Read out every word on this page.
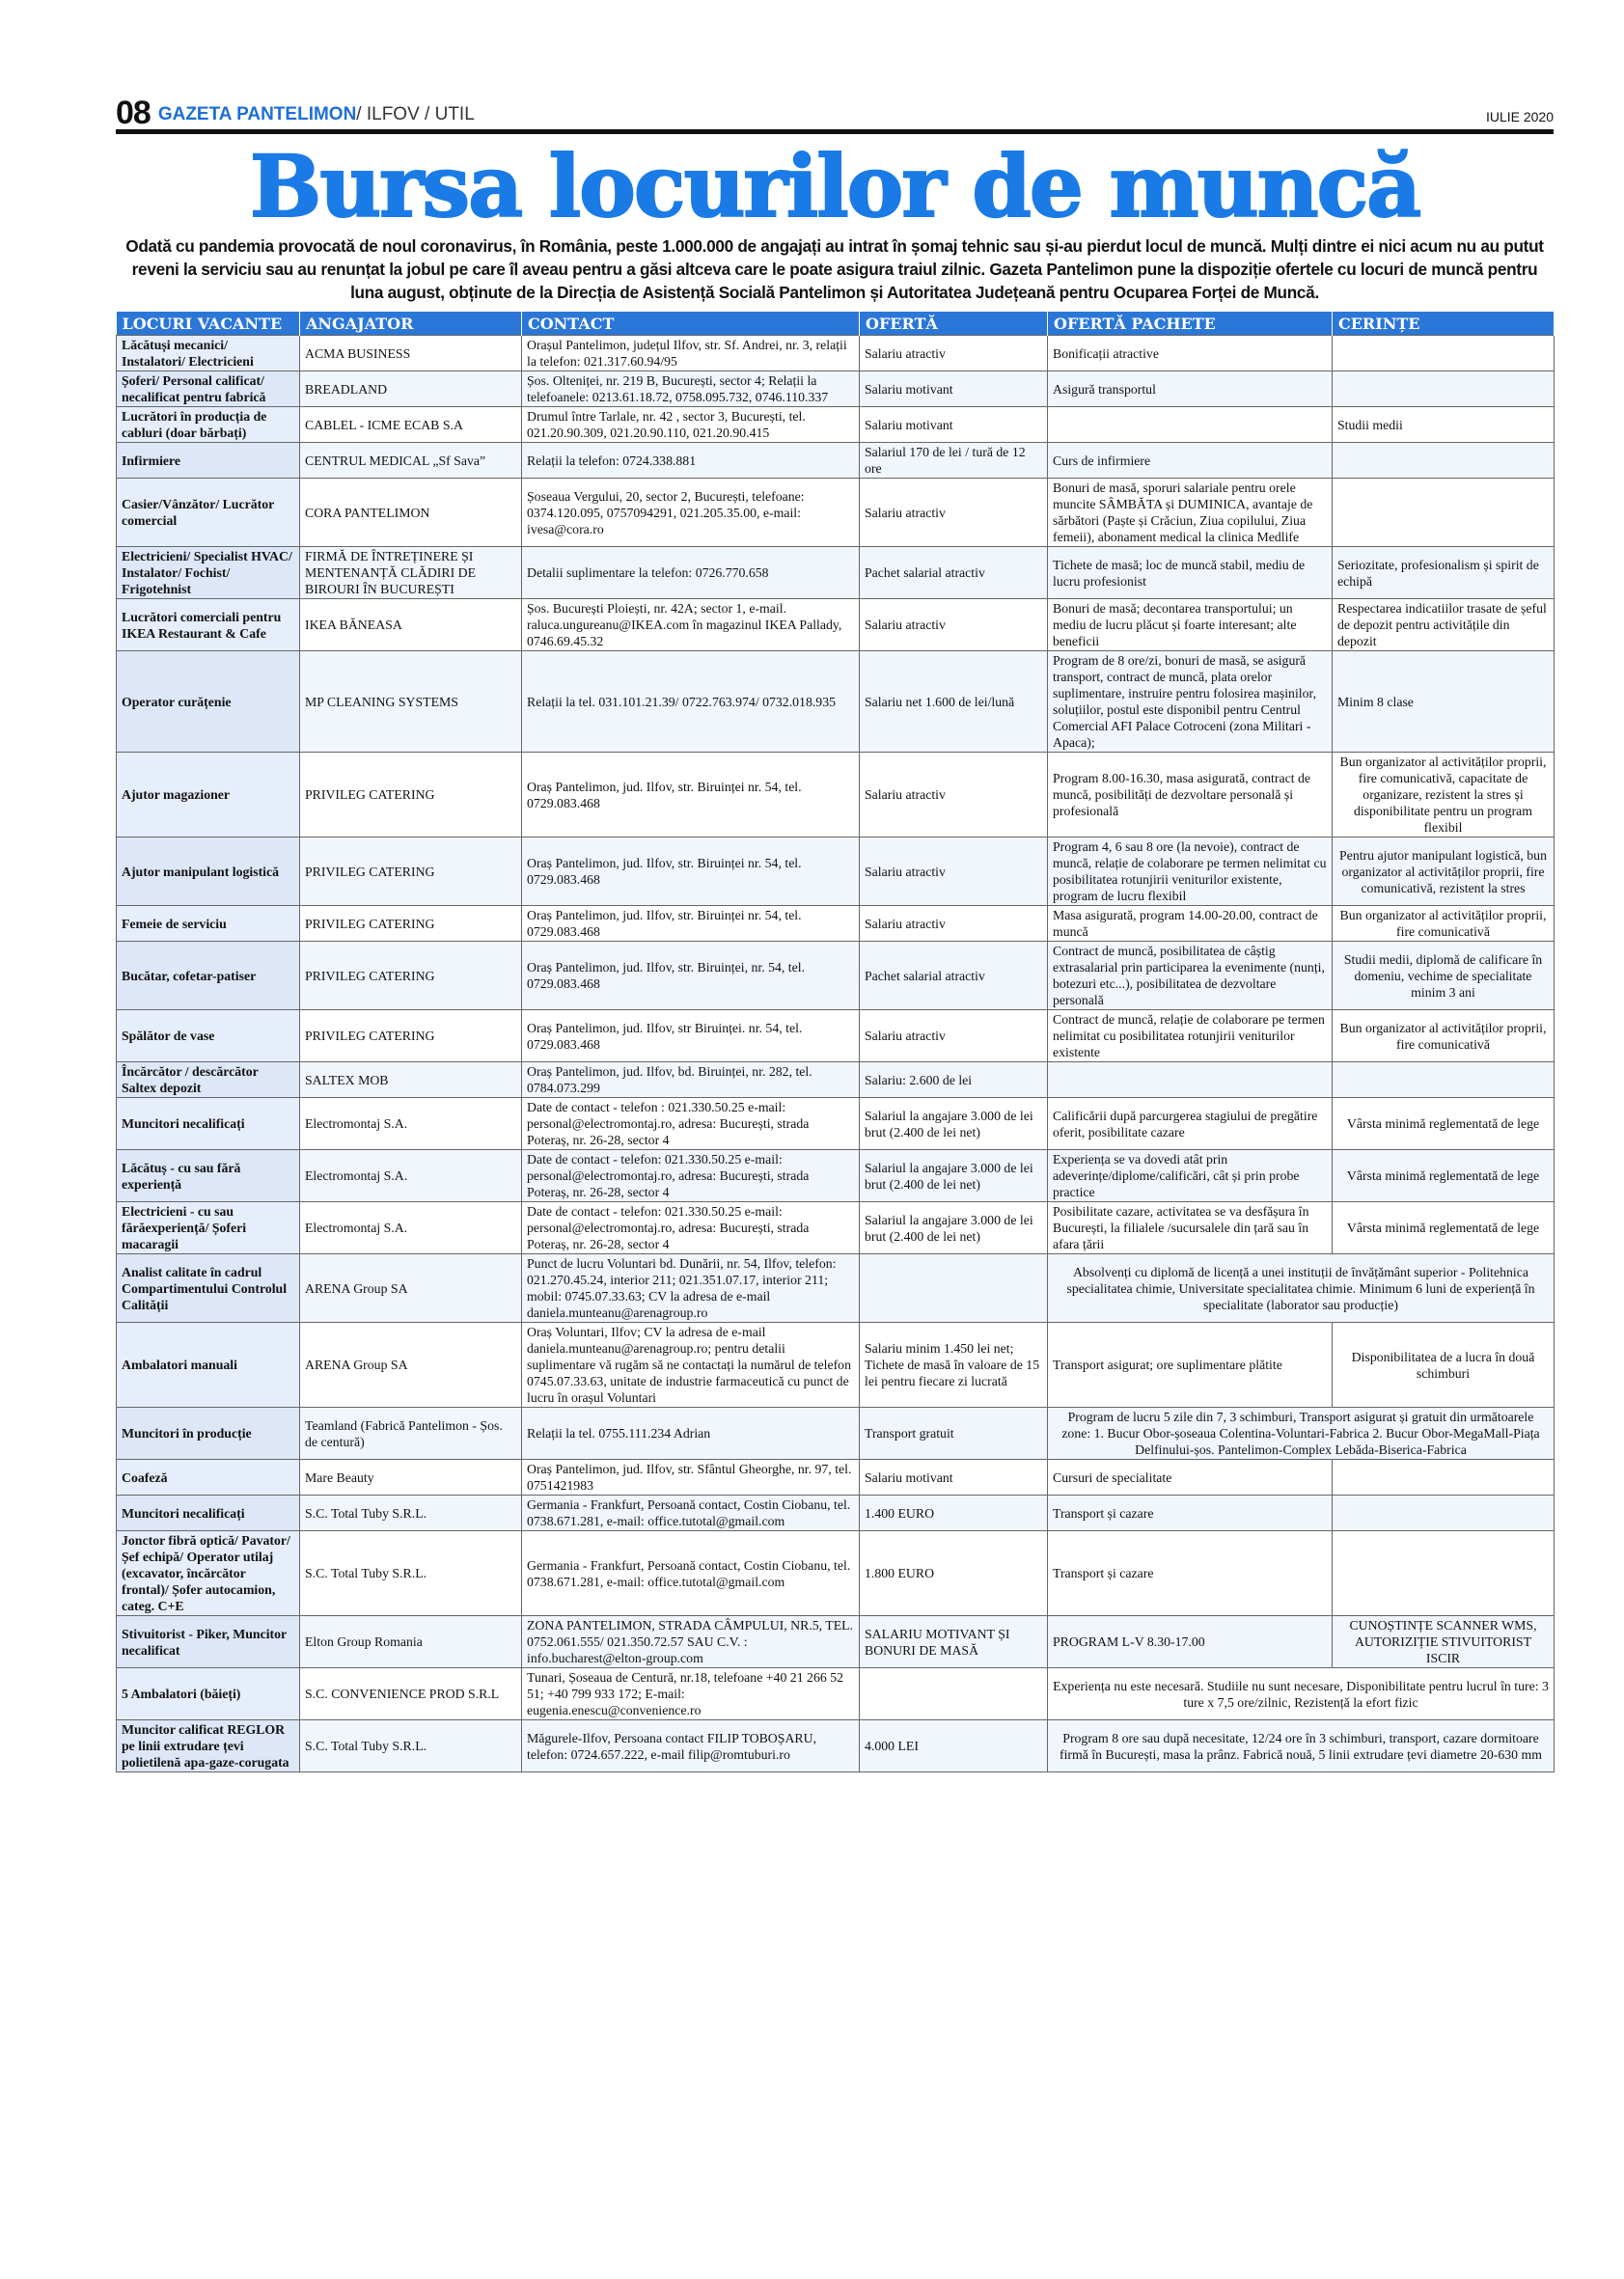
08 GAZETA PANTELIMON / ILFOV / UTIL	IULIE 2020
Bursa locurilor de muncă
Odată cu pandemia provocată de noul coronavirus, în România, peste 1.000.000 de angajați au intrat în șomaj tehnic sau și-au pierdut locul de muncă. Mulți dintre ei nici acum nu au putut reveni la serviciu sau au renunțat la jobul pe care îl aveau pentru a găsi altceva care le poate asigura traiul zilnic. Gazeta Pantelimon pune la dispoziție ofertele cu locuri de muncă pentru luna august, obținute de la Direcția de Asistență Socială Pantelimon și Autoritatea Județeană pentru Ocuparea Forței de Muncă.
LOCURI VACANTE	ANGAJATOR	CONTACT	OFERTĂ	OFERTĂ PACHETE	CERINȚE
Lăcătuși mecanici/ Instalatori/ Electricieni	ACMA BUSINESS	Orașul Pantelimon, județul Ilfov, str. Sf. Andrei, nr. 3, relații la telefon: 021.317.60.94/95	Salariu atractiv	Bonificații atractive	
Șoferi/ Personal calificat/ necalificat pentru fabrică	BREADLAND	Șos. Olteniței, nr. 219 B, București, sector 4; Relații la telefoanele: 0213.61.18.72, 0758.095.732, 0746.110.337	Salariu motivant	Asigură transportul	
Lucrători în producția de cabluri (doar bărbați)	CABLEL - ICME ECAB S.A	Drumul între Tarlale, nr. 42 , sector 3, București, tel. 021.20.90.309, 021.20.90.110, 021.20.90.415	Salariu motivant		Studii medii
Infirmiere	CENTRUL MEDICAL „Sf Sava”	Relații la telefon: 0724.338.881	Salariul 170 de lei / tură de 12 ore	Curs de infirmiere	
Casier/Vânzător/ Lucrător comercial	CORA PANTELIMON	Șoseaua Vergului, 20, sector 2, București, telefoane: 0374.120.095, 0757094291, 021.205.35.00, e-mail: ivesa@cora.ro	Salariu atractiv	Bonuri de masă, sporuri salariale pentru orele muncite SÂMBĂTA și DUMINICA, avantaje de sărbători (Paște și Crăciun, Ziua copilului, Ziua femeii), abonament medical la clinica Medlife	
Electricieni/ Specialist HVAC/ Instalator/ Fochist/ Frigotehnist	FIRMĂ DE ÎNTREȚINERE ȘI MENTENANȚĂ CLĂDIRI DE BIROURI ÎN BUCUREȘTI	Detalii suplimentare la telefon: 0726.770.658	Pachet salarial atractiv	Tichete de masă; loc de muncă stabil, mediu de lucru profesionist	Seriozitate, profesionalism și spirit de echipă
Lucrători comerciali pentru IKEA Restaurant & Cafe	IKEA BĂNEASA	Șos. București Ploiești, nr. 42A; sector 1, e-mail. raluca.ungureanu@IKEA.com în magazinul IKEA Pallady, 0746.69.45.32	Salariu atractiv	Bonuri de masă; decontarea transportului; un mediu de lucru plăcut și foarte interesant; alte beneficii	Respectarea indicatiilor trasate de șeful de depozit pentru activitățile din depozit
Operator curățenie	MP CLEANING SYSTEMS	Relații la tel. 031.101.21.39/ 0722.763.974/ 0732.018.935	Salariu net 1.600 de lei/lună	Program de 8 ore/zi, bonuri de masă, se asigură transport, contract de muncă, plata orelor suplimentare, instruire pentru folosirea mașinilor, soluțiilor, postul este disponibil pentru Centrul Comercial AFI Palace Cotroceni (zona Militari -Apaca);	Minim 8 clase
Ajutor magazioner	PRIVILEG CATERING	Oraș Pantelimon, jud. Ilfov, str. Biruinței nr. 54, tel. 0729.083.468	Salariu atractiv	Program 8.00-16.30, masa asigurată, contract de muncă, posibilități de dezvoltare personală și profesională	Bun organizator al activităților proprii, fire comunicativă, capacitate de organizare, rezistent la stres și disponibilitate pentru un program flexibil
Ajutor manipulant logistică	PRIVILEG CATERING	Oraș Pantelimon, jud. Ilfov, str. Biruinței nr. 54, tel. 0729.083.468	Salariu atractiv	Program 4, 6 sau 8 ore (la nevoie), contract de muncă, relație de colaborare pe termen nelimitat cu posibilitatea rotunjirii veniturilor existente, program de lucru flexibil	Pentru ajutor manipulant logistică, bun organizator al activităților proprii, fire comunicativă, rezistent la stres
Femeie de serviciu	PRIVILEG CATERING	Oraș Pantelimon, jud. Ilfov, str. Biruinței nr. 54, tel. 0729.083.468	Salariu atractiv	Masa asigurată, program 14.00-20.00, contract de muncă	Bun organizator al activităților proprii, fire comunicativă
Bucătar, cofetar-patiser	PRIVILEG CATERING	Oraș Pantelimon, jud. Ilfov, str. Biruinței, nr. 54, tel. 0729.083.468	Pachet salarial atractiv	Contract de muncă, posibilitatea de câștig extrasalarial prin participarea la evenimente (nunți, botezuri etc...), posibilitatea de dezvoltare personală	Studii medii, diplomă de calificare în domeniu, vechime de specialitate minim 3 ani
Spălător de vase	PRIVILEG CATERING	Oraș Pantelimon, jud. Ilfov, str Biruinței. nr. 54, tel. 0729.083.468	Salariu atractiv	Contract de muncă, relație de colaborare pe termen nelimitat cu posibilitatea rotunjirii veniturilor existente	Bun organizator al activităților proprii, fire comunicativă
Încărcător / descărcător Saltex depozit	SALTEX MOB	Oraș Pantelimon, jud. Ilfov, bd. Biruinței, nr. 282, tel. 0784.073.299	Salariu: 2.600 de lei		
Muncitori necalificați	Electromontaj S.A.	Date de contact - telefon : 021.330.50.25 e-mail: personal@electromontaj.ro, adresa: București, strada Poteraș, nr. 26-28, sector 4	Salariul la angajare 3.000 de lei brut (2.400 de lei net)	Calificării după parcurgerea stagiului de pregătire oferit, posibilitate cazare	Vârsta minimă reglementată de lege
Lăcătuș - cu sau fără experiență	Electromontaj S.A.	Date de contact - telefon: 021.330.50.25 e-mail: personal@electromontaj.ro, adresa: București, strada Poteraș, nr. 26-28, sector 4	Salariul la angajare 3.000 de lei brut (2.400 de lei net)	Experiența se va dovedi atât prin adeverințe/diplome/calificări, cât și prin probe practice	Vârsta minimă reglementată de lege
Electricieni - cu sau fărăexperiență/ Șoferi macaragii	Electromontaj S.A.	Date de contact - telefon: 021.330.50.25 e-mail: personal@electromontaj.ro, adresa: București, strada Poteraș, nr. 26-28, sector 4	Salariul la angajare 3.000 de lei brut (2.400 de lei net)	Posibilitate cazare, activitatea se va desfășura în București, la filialele /sucursalele din țară sau în afara țării	Vârsta minimă reglementată de lege
Analist calitate în cadrul Compartimentului Controlul Calității	ARENA Group SA	Punct de lucru Voluntari bd. Dunării, nr. 54, Ilfov, telefon: 021.270.45.24, interior 211; 021.351.07.17, interior 211; mobil: 0745.07.33.63; CV la adresa de e-mail daniela.munteanu@arenagroup.ro		Absolvenți cu diplomă de licență a unei instituții de învățământ superior - Politehnica specialitatea chimie, Universitate specialitatea chimie. Minimum 6 luni de experiență în specialitate (laborator sau producție)	
Ambalatori manuali	ARENA Group SA	Oraș Voluntari, Ilfov; CV la adresa de e-mail daniela.munteanu@arenagroup.ro; pentru detalii suplimentare vă rugăm să ne contactați la numărul de telefon 0745.07.33.63, unitate de industrie farmaceutică cu punct de lucru în orașul Voluntari	Salariu minim 1.450 lei net; Tichete de masă în valoare de 15 lei pentru fiecare zi lucrată	Transport asigurat; ore suplimentare plătite	Disponibilitatea de a lucra în două schimburi
Muncitori în producție	Teamland (Fabrică Pantelimon - Șos. de centură)	Relații la tel. 0755.111.234 Adrian	Transport gratuit	Program de lucru 5 zile din 7, 3 schimburi, Transport asigurat și gratuit din următoarele zone: 1. Bucur Obor-șoseaua Colentina-Voluntari-Fabrica 2. Bucur Obor-MegaMall-Piața Delfinului-șos. Pantelimon-Complex Lebăda-Biserica-Fabrica	
Coafeză	Mare Beauty	Oraș Pantelimon, jud. Ilfov, str. Sfântul Gheorghe, nr. 97, tel. 0751421983	Salariu motivant	Cursuri de specialitate	
Muncitori necalificați	S.C. Total Tuby S.R.L.	Germania - Frankfurt, Persoană contact, Costin Ciobanu, tel. 0738.671.281, e-mail: office.tutotal@gmail.com	1.400 EURO	Transport și cazare	
Jonctor fibră optică/ Pavator/Șef echipă/ Operator utilaj (excavator, încărcător frontal)/ Șofer autocamion, categ. C+E	S.C. Total Tuby S.R.L.	Germania - Frankfurt, Persoană contact, Costin Ciobanu, tel. 0738.671.281, e-mail: office.tutotal@gmail.com	1.800 EURO	Transport și cazare	
Stivuitorist - Piker, Muncitor necalificat	Elton Group Romania	ZONA PANTELIMON, STRADA CÂMPULUI, NR.5, TEL. 0752.061.555/ 021.350.72.57 SAU C.V. : info.bucharest@elton-group.com	SALARIU MOTIVANT ȘI BONURI DE MASĂ	PROGRAM L-V 8.30-17.00	CUNOȘTINȚE SCANNER WMS, AUTORIZIȚIE STIVUITORIST ISCIR
5 Ambalatori (băieți)	S.C. CONVENIENCE PROD S.R.L	Tunari, Șoseaua de Centură, nr.18, telefoane +40 21 266 52 51; +40 799 933 172; E-mail: eugenia.enescu@convenience.ro		Experiența nu este necesară. Studiile nu sunt necesare, Disponibilitate pentru lucrul în ture: 3 ture x 7,5 ore/zilnic, Rezistență la efort fizic	
Muncitor calificat REGLOR pe linii extrudare țevi polietilenă apa-gaze-corugata	S.C. Total Tuby S.R.L.	Măgurele-Ilfov, Persoana contact FILIP TOBOȘARU, telefon: 0724.657.222, e-mail filip@romtuburi.ro	4.000 LEI	Program 8 ore sau după necesitate, 12/24 ore în 3 schimburi, transport, cazare dormitoare firmă în București, masa la prânz. Fabrică nouă, 5 linii extrudare țevi diametre 20-630 mm	
